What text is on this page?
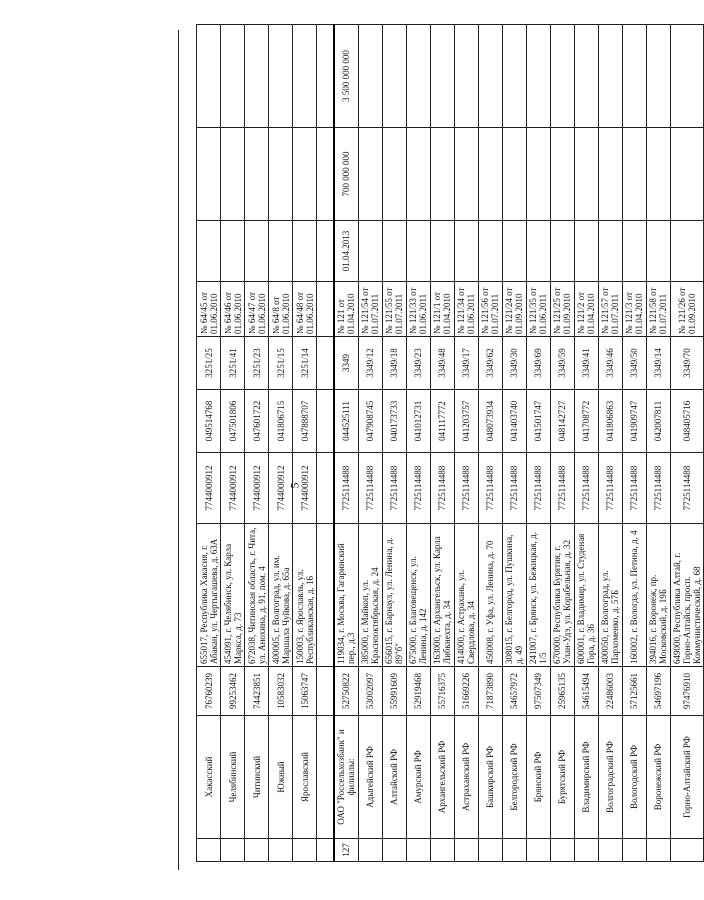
5
	Хакасский	76760239	655017, Республика Хакасия, г. Абакан, ул. Чертыгашева, д. 63А	7744000912	049514768	3251/25	№ 64/45 от 01.06.2010			
	Челябинский	99253462	454091, г. Челябинск, ул. Карла Маркса, д. 73	7744000912	047501806	3251/41	№ 64/46 от 01.06.2010			
	Читинский	74423851	672038, Читинская область, г. Чита, ул. Анохина, д. 91, пом. 4	7744000912	047601722	3251/23	№ 64/47 от 01.06.2010			
	Южный	10583032	400005, г. Волгоград, ул. им. Маршала Чуйкова, д. 65а	7744000912	041806715	3251/15	№ 64/8 от 01.06.2010			
	Ярославский	15063747	150003, г. Ярославль, ул. Республиканская, д. 16	7744000912	047888707	3251/14	№ 64/48 от 01.06.2010			

127	ОАО "Россельхозбанк" и филиалы:	52750822	119034, г. Москва, Гагаринский пер., д.3	7725114488	044525111	3349	№ 121 от 01.04.2010	01.04.2013	700 000 000	3 500 000 000
	Адыгейский РФ	53002097	385000, г. Майкоп, ул. Краснооктябрьская, д. 24	7725114488	047908745	3349/12	№ 121/54 от 01.07.2011			
	Алтайский РФ	55991609	656015, г. Барнаул, ул. Ленина, д. 89"б"	7725114488	040173733	3349/18	№ 121/55 от 01.07.2011			
	Амурский РФ	52919468	675000, г. Благовещенск, ул. Ленина, д. 142	7725114488	041012731	3349/23	№ 121/33 от 01.06.2011			
	Архангельский РФ	55716375	163000, г. Архангельск, ул. Карла Либкнехта, д. 34	7725114488	041117772	3349/48	№ 121/1 от 01.04.2010			
	Астраханский РФ	51669226	414000, г. Астрахань, ул. Свердлова, д. 34	7725114488	041203757	3349/17	№ 121/34 от 01.06.2011			
	Башкирский РФ	71873890	450008, г. Уфа, ул. Ленина, д. 70	7725114488	048073934	3349/62	№ 121/56 от 01.07.2011			
	Белгородский РФ	54657972	308015, г. Белгород, ул. Пушкина, д. 49	7725114488	041403740	3349/30	№ 121/24 от 01.09.2010			
	Брянский РФ	97507349	241007, г. Брянск, ул. Бежицкая, д. 1/5	7725114488	041501747	3349/69	№ 121/35 от 01.06.2011			
	Бурятский РФ	25965135	670000, Республика Бурятия, г. Улан-Удэ, ул. Корабельная, д. 32	7725114488	048142727	3349/59	№ 121/25 от 01.09.2010			
	Владимирский РФ	54615494	600001, г. Владимир, ул. Студеная Гора, д. 36	7725114488	041708772	3349/41	№ 121/2 от 01.04.2010			
	Волгоградский РФ	22486003	400050, г. Волгоград, ул. Пархоменко, д. 57Б	7725114488	041806863	3349/46	№ 121/57 от 01.07.2011			
	Вологодский РФ	57125661	160002, г. Вологда, ул. Петина, д. 4	7725114488	041909747	3349/50	№ 121/3 от 01.04.2010			
	Воронежский РФ	54697196	394016, г. Воронеж, пр. Московский, д. 19Б	7725114488	042007811	3349/14	№ 121/58 от 01.07.2011			
	Горно-Алтайский РФ	97476910	649000, Республика Алтай, г. Горно-Алтайск, просп. Коммунистический, д. 68	7725114488	048405716	3349/70	№ 121/26 от 01.09.2010			
